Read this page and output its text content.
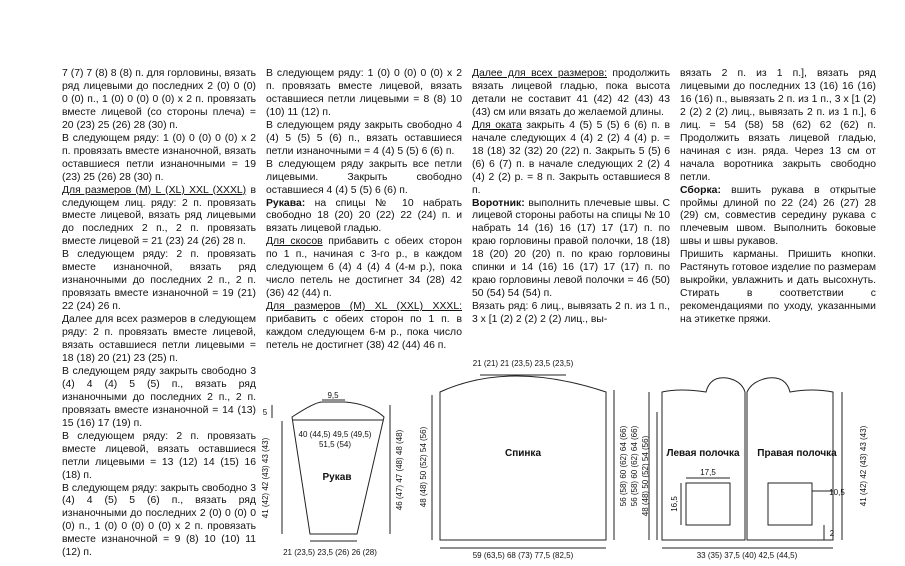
7 (7) 7 (8) 8 (8) п. для горловины, вязать ряд лицевыми до последних 2 (0) 0 (0) 0 (0) п., 1 (0) 0 (0) 0 (0) х 2 п. провязать вместе лицевой (со стороны плеча) = 20 (23) 25 (26) 28 (30) п.

В следующем ряду: 1 (0) 0 (0) 0 (0) х 2 п. провязать вместе изнаночной, вязать оставшиеся петли изнаночными = 19 (23) 25 (26) 28 (30) п.

Для размеров (M) L (XL) XXL (XXXL) в следующем лиц. ряду: 2 п. провязать вместе лицевой, вязать ряд лицевыми до последних 2 п., 2 п. провязать вместе лицевой = 21 (23) 24 (26) 28 п.

В следующем ряду: 2 п. провязать вместе изнаночной, вязать ряд изнаночными до последних 2 п., 2 п. провязать вместе изнаночной = 19 (21) 22 (24) 26 п.

Далее для всех размеров в следующем ряду: 2 п. провязать вместе лицевой, вязать оставшиеся петли лицевыми = 18 (18) 20 (21) 23 (25) п.

В следующем ряду закрыть свободно 3 (4) 4 (4) 5 (5) п., вязать ряд изнаночными до последних 2 п., 2 п. провязать вместе изнаночной = 14 (13) 15 (16) 17 (19) п.

В следующем ряду: 2 п. провязать вместе лицевой, вязать оставшиеся петли лицевыми = 13 (12) 14 (15) 16 (18) п.

В следующем ряду: закрыть свободно 3 (4) 4 (5) 5 (6) п., вязать ряд изнаночными до последних 2 (0) 0 (0) 0 (0) п., 1 (0) 0 (0) 0 (0) х 2 п. провязать вместе изнаночной = 9 (8) 10 (10) 11 (12) п.

В следующем ряду: 1 (0) 0 (0) 0 (0) х 2 п. провязать вместе лицевой, вязать оставшиеся петли лицевыми = 8 (8) 10 (10) 11 (12) п.

В следующем ряду закрыть свободно 4 (4) 5 (5) 5 (6) п., вязать оставшиеся петли изнаночными = 4 (4) 5 (5) 6 (6) п.

В следующем ряду закрыть все петли лицевыми. Закрыть свободно оставшиеся 4 (4) 5 (5) 6 (6) п.

Рукава: на спицы № 10 набрать свободно 18 (20) 20 (22) 22 (24) п. и вязать лицевой гладью.

Для скосов прибавить с обеих сторон по 1 п., начиная с 3-го р., в каждом следующем 6 (4) 4 (4) 4 (4-м р.), пока число петель не достигнет 34 (28) 42 (36) 42 (44) п.

Для размеров (M) XL (XXL) XXXL: прибавить с обеих сторон по 1 п. в каждом следующем 6-м р., пока число петель не достигнет (38) 42 (44) 46 п.

Далее для всех размеров: продолжить вязать лицевой гладью, пока высота детали не составит 41 (42) 42 (43) 43 (43) см или вязать до желаемой длины.

Для оката закрыть 4 (5) 5 (5) 6 (6) п. в начале следующих 4 (4) 2 (2) 4 (4) р. = 18 (18) 32 (32) 20 (22) п. Закрыть 5 (5) 6 (6) 6 (7) п. в начале следующих 2 (2) 4 (4) 2 (2) р. = 8 п. Закрыть оставшиеся 8 п.

Воротник: выполнить плечевые швы. С лицевой стороны работы на спицы № 10 набрать 14 (16) 16 (17) 17 (17) п. по краю горловины правой полочки, 18 (18) 18 (20) 20 (20) п. по краю горловины спинки и 14 (16) 16 (17) 17 (17) п. по краю горловины левой полочки = 46 (50) 50 (54) 54 (54) п.

Вязать ряд: 6 лиц., вывязать 2 п. из 1 п., 3 х [1 (2) 2 (2) 2 (2) лиц., вы-

вязать 2 п. из 1 п.], вязать ряд лицевыми до последних 13 (16) 16 (16) 16 (16) п., вывязать 2 п. из 1 п., 3 х [1 (2) 2 (2) 2 (2) лиц., вывязать 2 п. из 1 п.], 6 лиц. = 54 (58) 58 (62) 62 (62) п. Продолжить вязать лицевой гладью, начиная с изн. ряда. Через 13 см от начала воротника закрыть свободно петли.

Сборка: вшить рукава в открытые проймы длиной по 22 (24) 26 (27) 28 (29) см, совместив середину рукава с плечевым швом. Выполнить боковые швы и швы рукавов.

Пришить карманы. Пришить кнопки. Растянуть готовое изделие по размерам выкройки, увлажнить и дать высохнуть. Стирать в соответствии с рекомендациями по уходу, указанными на этикетке пряжи.

9,5
5
40 (44,5) 49,5 (49,5)
51,5 (54)
Рукав
21 (23,5) 23,5 (26) 26 (28)
41 (42) 42 (43) 43 (43)	46 (47) 47 (48) 48 (48)
21 (21) 21 (23,5) 23,5 (23,5)
Спинка
59 (63,5) 68 (73) 77,5 (82,5)
48 (48) 50 (52) 54 (56)	56 (58) 60 (62) 64 (66)	Левая полочка Правая полочка
17,5
16,5
10,5
2
33 (35) 37,5 (40) 42,5 (44,5)
56 (58) 60 (62) 64 (66) 48 (48) 50 (52) 54 (56)	41 (42) 42 (43) 43 (43)
